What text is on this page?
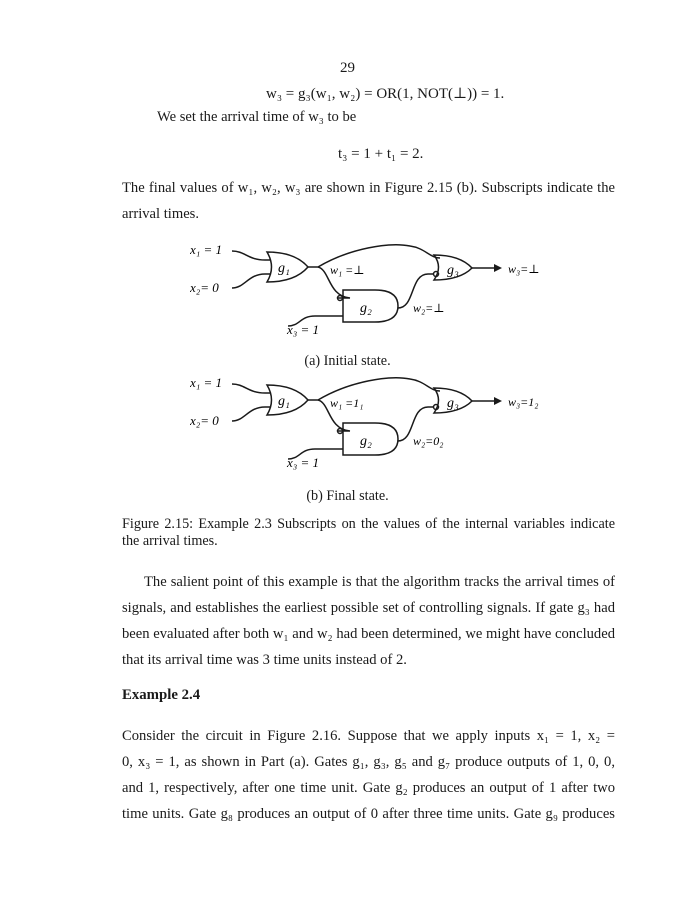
29
w₃ = g₃(w₁, w₂) = OR(1, NOT(⊥)) = 1.
We set the arrival time of w₃ to be
t₃ = 1 + t₁ = 2.
The final values of w₁, w₂, w₃ are shown in Figure 2.15 (b). Subscripts indicate the
arrival times.
x₁ = 1
x₂= 0
g₁	w₁ =⊥
g₂
x₃ = 1
w₂=⊥
g₃	w₃=⊥
(a) Initial state.
x₁ = 1
x₂= 0
g₁	w₁ =1₁
g₂
x₃ = 1
w₂=0₂
g₃	w₃=1₂
(b) Final state.
Figure 2.15: Example 2.3 Subscripts on the values of the internal variables indicate
the arrival times.
The salient point of this example is that the algorithm tracks the arrival times of
signals, and establishes the earliest possible set of controlling signals. If gate g₃ had
been evaluated after both w₁ and w₂ had been determined, we might have concluded
that its arrival time was 3 time units instead of 2.
Example 2.4
Consider the circuit in Figure 2.16. Suppose that we apply inputs x₁ = 1, x₂ =
0, x₃ = 1, as shown in Part (a). Gates g₁, g₃, g₅ and g₇ produce outputs of 1, 0, 0,
and 1, respectively, after one time unit. Gate g₂ produces an output of 1 after two
time units. Gate g₈ produces an output of 0 after three time units. Gate g₉ produces
